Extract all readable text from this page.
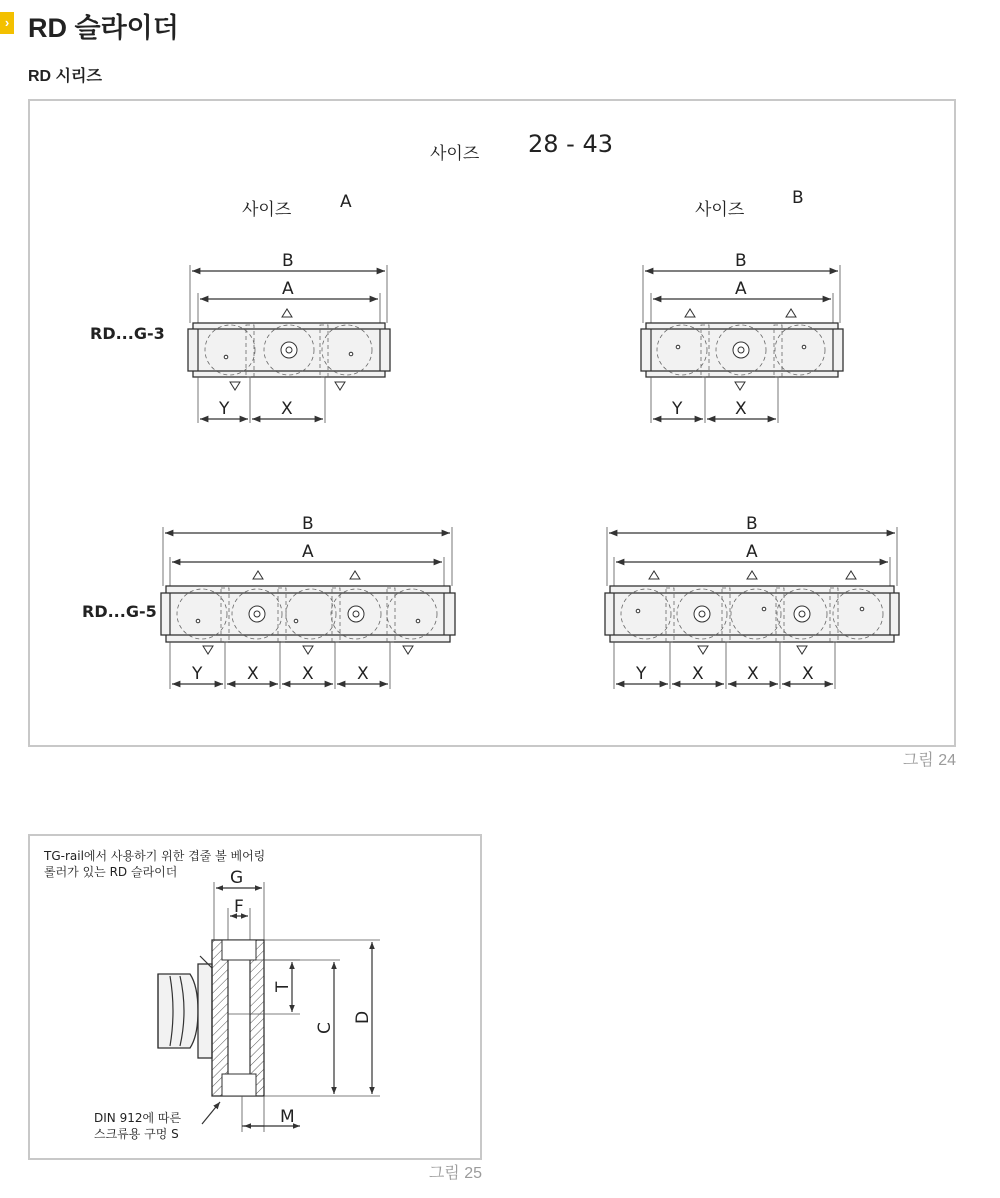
› RD 슬라이더
RD 시리즈
사이즈 28 - 43
사이즈	A	사이즈
B
RD...G-3
RD...G-5
B
A
Y	X
B
A
Y	X
B
A
Y	X	X	X
B
A
Y	X	X	X
그림 24
TG-rail에서 사용하기 위한 겹줄 볼 베어링
롤러가 있는 RD 슬라이더	G
F
T
C
D
M
DIN 912에 따른
스크류용 구멍 S
그림 25
